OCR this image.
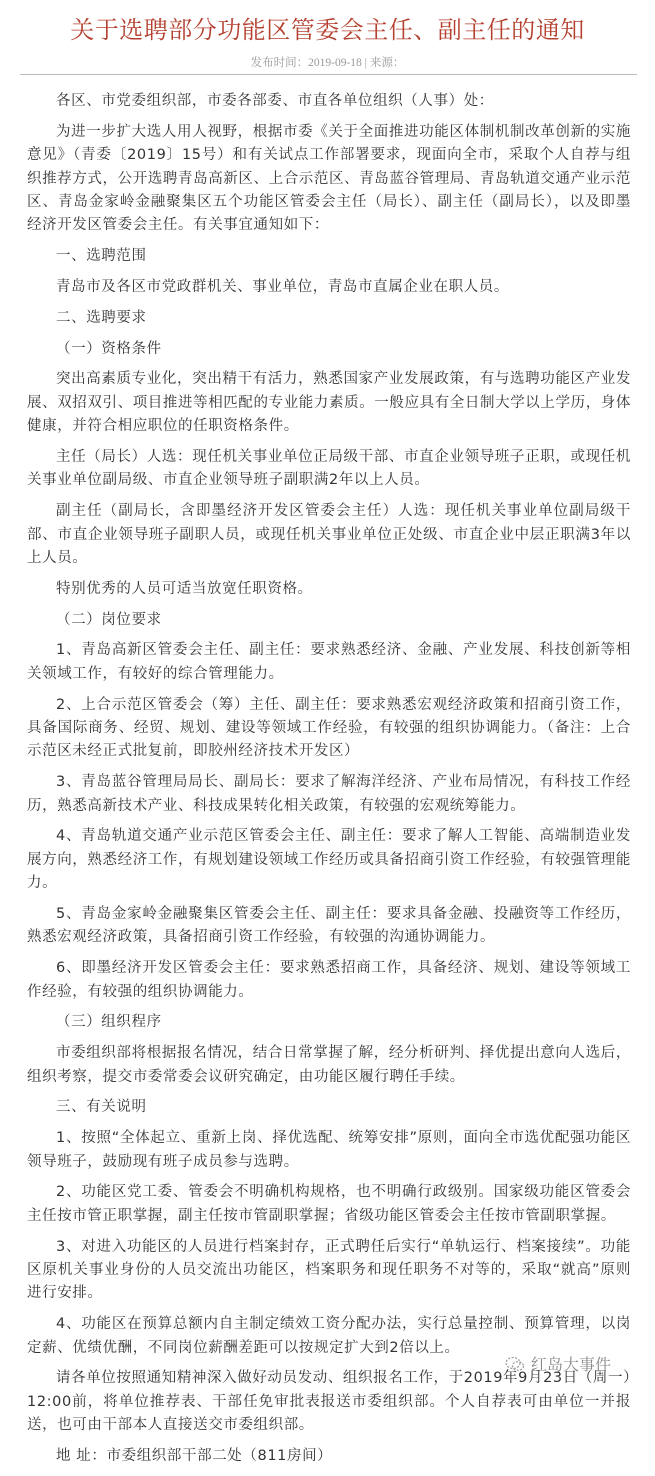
关于选聘部分功能区管委会主任、副主任的通知
发布时间：2019-09-18 | 来源：

各区、市党委组织部，市委各部委、市直各单位组织（人事）处：

为进一步扩大选人用人视野，根据市委《关于全面推进功能区体制机制改革创新的实施意见》（青委〔2019〕15号）和有关试点工作部署要求，现面向全市，采取个人自荐与组织推荐方式，公开选聘青岛高新区、上合示范区、青岛蓝谷管理局、青岛轨道交通产业示范区、青岛金家岭金融聚集区五个功能区管委会主任（局长）、副主任（副局长），以及即墨经济开发区管委会主任。有关事宜通知如下：

一、选聘范围

青岛市及各区市党政群机关、事业单位，青岛市直属企业在职人员。

二、选聘要求

（一）资格条件

突出高素质专业化，突出精干有活力，熟悉国家产业发展政策，有与选聘功能区产业发展、双招双引、项目推进等相匹配的专业能力素质。一般应具有全日制大学以上学历，身体健康，并符合相应职位的任职资格条件。

主任（局长）人选：现任机关事业单位正局级干部、市直企业领导班子正职，或现任机关事业单位副局级、市直企业领导班子副职满2年以上人员。

副主任（副局长，含即墨经济开发区管委会主任）人选：现任机关事业单位副局级干部、市直企业领导班子副职人员，或现任机关事业单位正处级、市直企业中层正职满3年以上人员。

特别优秀的人员可适当放宽任职资格。

（二）岗位要求

1、青岛高新区管委会主任、副主任：要求熟悉经济、金融、产业发展、科技创新等相关领域工作，有较好的综合管理能力。

2、上合示范区管委会（筹）主任、副主任：要求熟悉宏观经济政策和招商引资工作，具备国际商务、经贸、规划、建设等领域工作经验，有较强的组织协调能力。（备注：上合示范区未经正式批复前，即胶州经济技术开发区）

3、青岛蓝谷管理局局长、副局长：要求了解海洋经济、产业布局情况，有科技工作经历，熟悉高新技术产业、科技成果转化相关政策，有较强的宏观统筹能力。

4、青岛轨道交通产业示范区管委会主任、副主任：要求了解人工智能、高端制造业发展方向，熟悉经济工作，有规划建设领域工作经历或具备招商引资工作经验，有较强管理能力。

5、青岛金家岭金融聚集区管委会主任、副主任：要求具备金融、投融资等工作经历，熟悉宏观经济政策，具备招商引资工作经验，有较强的沟通协调能力。

6、即墨经济开发区管委会主任：要求熟悉招商工作，具备经济、规划、建设等领域工作经验，有较强的组织协调能力。

（三）组织程序

市委组织部将根据报名情况，结合日常掌握了解，经分析研判、择优提出意向人选后，组织考察，提交市委常委会议研究确定，由功能区履行聘任手续。

三、有关说明

1、按照“全体起立、重新上岗、择优选配、统筹安排”原则，面向全市选优配强功能区领导班子，鼓励现有班子成员参与选聘。

2、功能区党工委、管委会不明确机构规格，也不明确行政级别。国家级功能区管委会主任按市管正职掌握，副主任按市管副职掌握；省级功能区管委会主任按市管副职掌握。

3、对进入功能区的人员进行档案封存，正式聘任后实行“单轨运行、档案接续”。功能区原机关事业身份的人员交流出功能区，档案职务和现任职务不对等的，采取“就高”原则进行安排。

4、功能区在预算总额内自主制定绩效工资分配办法，实行总量控制、预算管理，以岗定薪、优绩优酬，不同岗位薪酬差距可以按规定扩大到2倍以上。

请各单位按照通知精神深入做好动员发动、组织报名工作，于2019年9月23日（周一）12:00前，将单位推荐表、干部任免审批表报送市委组织部。个人自荐表可由单位一并报送，也可由干部本人直接送交市委组织部。

地 址：市委组织部干部二处（811房间）

红岛大事件
